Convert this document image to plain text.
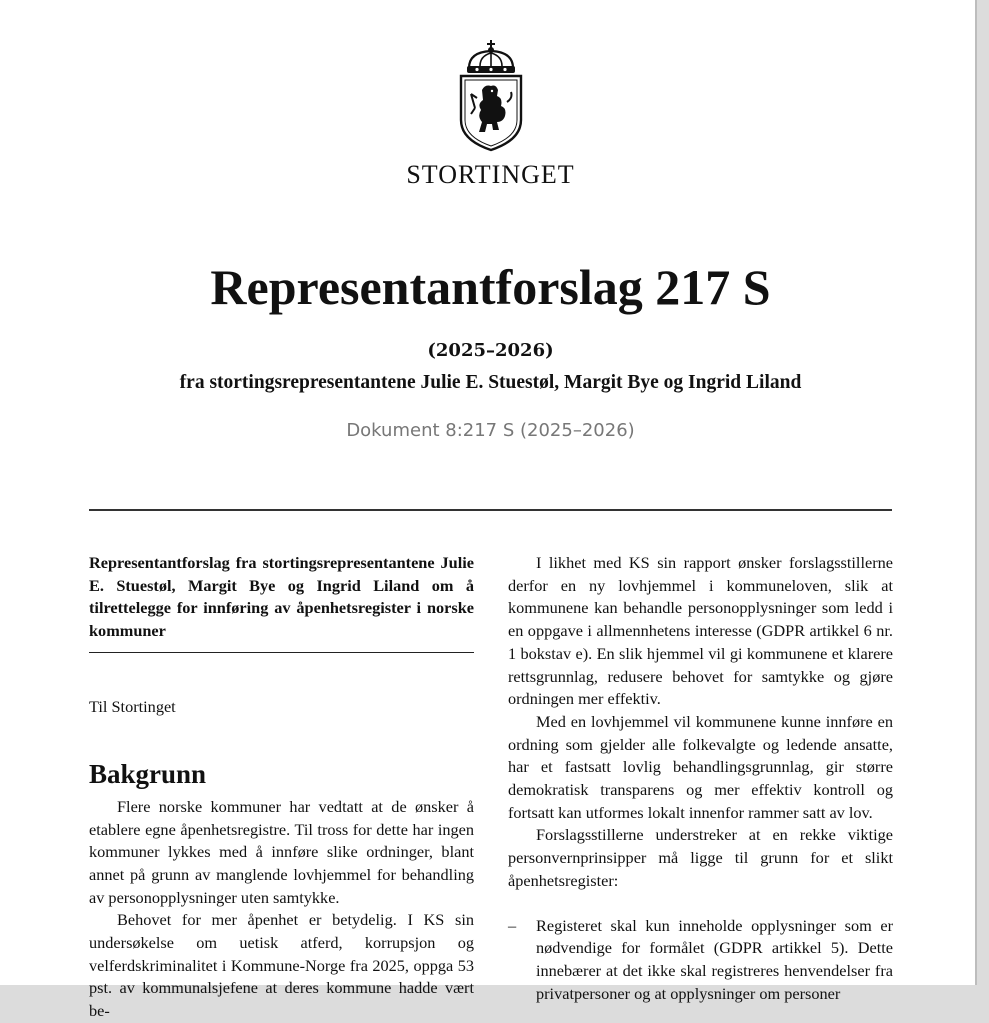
STORTINGET
Representantforslag 217 S
(2025–2026)
fra stortingsrepresentantene Julie E. Stuestøl, Margit Bye og Ingrid Liland
Dokument 8:217 S (2025–2026)

Representantforslag fra stortingsrepresentantene Julie E. Stuestøl, Margit Bye og Ingrid Liland om å tilrettelegge for innføring av åpenhetsregister i norske kommuner

Til Stortinget

Bakgrunn

Flere norske kommuner har vedtatt at de ønsker å etablere egne åpenhetsregistre. Til tross for dette har ingen kommuner lykkes med å innføre slike ordninger, blant annet på grunn av manglende lovhjemmel for behandling av personopplysninger uten samtykke.

Behovet for mer åpenhet er betydelig. I KS sin undersøkelse om uetisk atferd, korrupsjon og velferdskriminalitet i Kommune-Norge fra 2025, oppga 53 pst. av kommunalsjefene at deres kommune hadde vært be-

I likhet med KS sin rapport ønsker forslagsstillerne derfor en ny lovhjemmel i kommuneloven, slik at kommunene kan behandle personopplysninger som ledd i en oppgave i allmennhetens interesse (GDPR artikkel 6 nr. 1 bokstav e). En slik hjemmel vil gi kommunene et klarere rettsgrunnlag, redusere behovet for samtykke og gjøre ordningen mer effektiv.

Med en lovhjemmel vil kommunene kunne innføre en ordning som gjelder alle folkevalgte og ledende ansatte, har et fastsatt lovlig behandlingsgrunnlag, gir større demokratisk transparens og mer effektiv kontroll og fortsatt kan utformes lokalt innenfor rammer satt av lov.

Forslagsstillerne understreker at en rekke viktige personvernprinsipper må ligge til grunn for et slikt åpenhetsregister:

–	Registeret skal kun inneholde opplysninger som er nødvendige for formålet (GDPR artikkel 5). Dette innebærer at det ikke skal registreres henvendelser fra privatpersoner og at opplysninger om personer
